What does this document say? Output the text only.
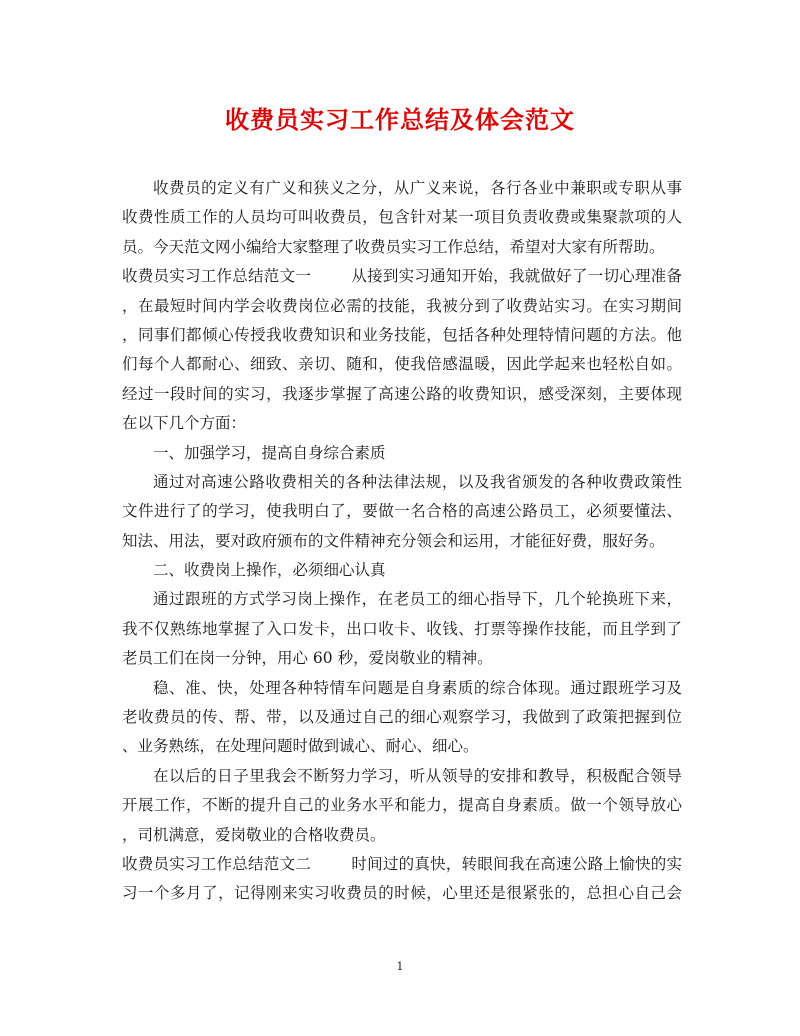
收费员实习工作总结及体会范文
收费员的定义有广义和狭义之分，从广义来说，各行各业中兼职或专职从事
收费性质工作的人员均可叫收费员，包含针对某一项目负责收费或集聚款项的人
员。今天范文网小编给大家整理了收费员实习工作总结，希望对大家有所帮助。
收费员实习工作总结范文一	从接到实习通知开始，我就做好了一切心理准备
，在最短时间内学会收费岗位必需的技能，我被分到了收费站实习。在实习期间
，同事们都倾心传授我收费知识和业务技能，包括各种处理特情问题的方法。他
们每个人都耐心、细致、亲切、随和，使我倍感温暖，因此学起来也轻松自如。
经过一段时间的实习，我逐步掌握了高速公路的收费知识，感受深刻，主要体现
在以下几个方面：
一、加强学习，提高自身综合素质
通过对高速公路收费相关的各种法律法规，以及我省颁发的各种收费政策性
文件进行了的学习，使我明白了，要做一名合格的高速公路员工，必须要懂法、
知法、用法，要对政府颁布的文件精神充分领会和运用，才能征好费，服好务。
二、收费岗上操作，必须细心认真
通过跟班的方式学习岗上操作，在老员工的细心指导下，几个轮换班下来，
我不仅熟练地掌握了入口发卡，出口收卡、收钱、打票等操作技能，而且学到了
老员工们在岗一分钟，用心 60 秒，爱岗敬业的精神。
稳、准、快，处理各种特情车问题是自身素质的综合体现。通过跟班学习及
老收费员的传、帮、带，以及通过自己的细心观察学习，我做到了政策把握到位
、业务熟练，在处理问题时做到诚心、耐心、细心。
在以后的日子里我会不断努力学习，听从领导的安排和教导，积极配合领导
开展工作，不断的提升自己的业务水平和能力，提高自身素质。做一个领导放心
，司机满意，爱岗敬业的合格收费员。
收费员实习工作总结范文二	时间过的真快，转眼间我在高速公路上愉快的实
习一个多月了，记得刚来实习收费员的时候，心里还是很紧张的，总担心自己会
1
